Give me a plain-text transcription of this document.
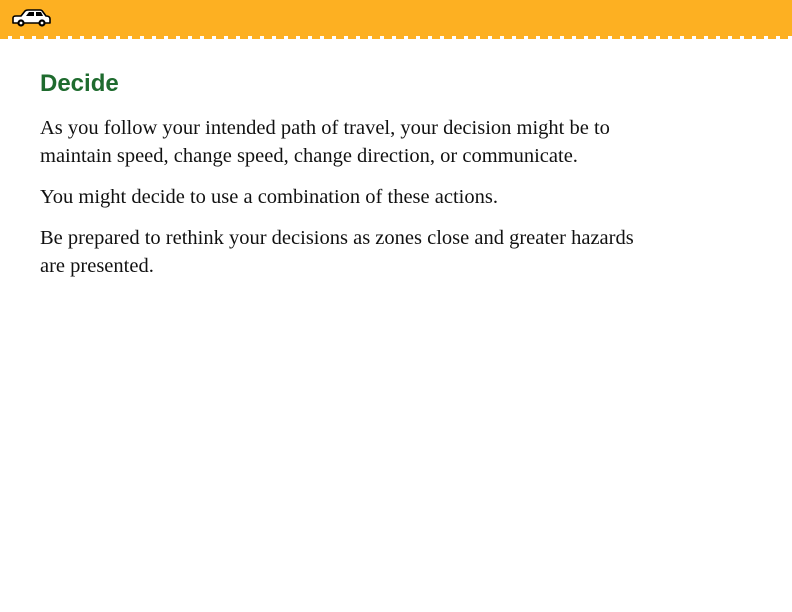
Decide

As you follow your intended path of travel, your decision might be to maintain speed, change speed, change direction, or communicate.

You might decide to use a combination of these actions.

Be prepared to rethink your decisions as zones close and greater hazards are presented.
